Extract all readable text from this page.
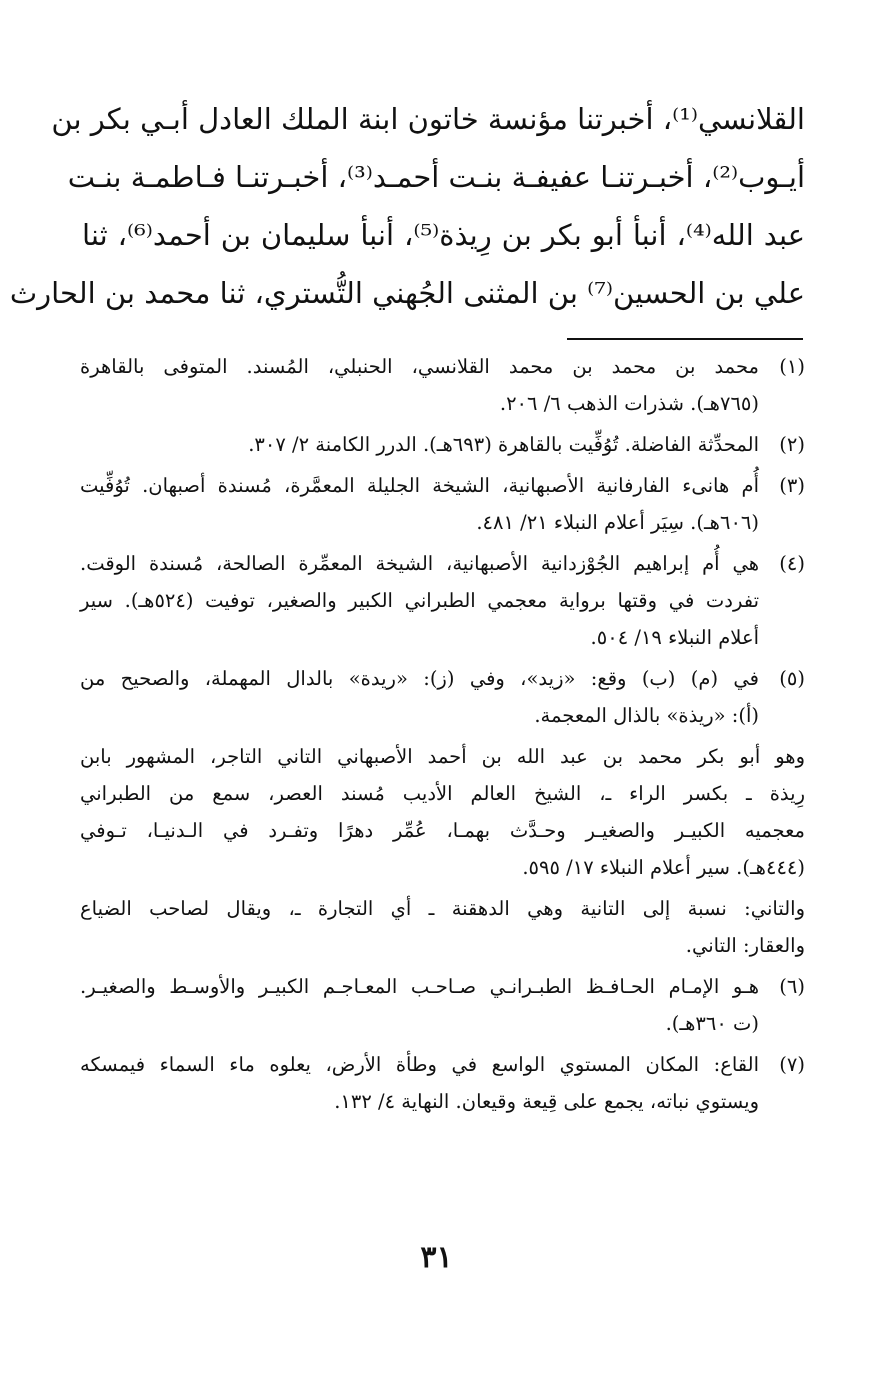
القلانسي⁽¹⁾، أخبرتنا مؤنسة خاتون ابنة الملك العادل أبـي بكر بن
أيـوب⁽²⁾، أخبـرتنـا عفيفـة بنـت أحمـد⁽³⁾، أخبـرتنـا فـاطمـة بنـت
عبد الله⁽⁴⁾، أنبأ أبو بكر بن رِيذة⁽⁵⁾، أنبأ سليمان بن أحمد⁽⁶⁾، ثنا
علي بن الحسين⁽⁷⁾ بن المثنى الجُهني التُّستري، ثنا محمد بن الحارث
(١)
محمد بن محمد بن محمد القلانسي، الحنبلي، المُسند. المتوفى بالقاهرة
(٧٦٥هـ). شذرات الذهب ٦/ ٢٠٦.
(٢)
المحدِّثة الفاضلة. تُوُفِّيت بالقاهرة (٦٩٣هـ). الدرر الكامنة ٢/ ٣٠٧.
(٣)
أُم هانىء الفارفانية الأصبهانية، الشيخة الجليلة المعمَّرة، مُسندة أصبهان. تُوُفِّيت
(٦٠٦هـ). سِيَر أعلام النبلاء ٢١/ ٤٨١.
(٤)
هي أُم إبراهيم الجُوْزدانية الأصبهانية، الشيخة المعمِّرة الصالحة، مُسندة الوقت.
تفردت في وقتها برواية معجمي الطبراني الكبير والصغير، توفيت (٥٢٤هـ). سير
أعلام النبلاء ١٩/ ٥٠٤.
(٥)
في (م) (ب) وقع: «زيد»، وفي (ز): «ريدة» بالدال المهملة، والصحيح من
(أ): «ريذة» بالذال المعجمة.
وهو أبو بكر محمد بن عبد الله بن أحمد الأصبهاني التاني التاجر، المشهور بابن
رِيذة ـ بكسر الراء ـ، الشيخ العالم الأديب مُسند العصر، سمع من الطبراني
معجميه الكبيـر والصغيـر وحـدَّث بهمـا، عُمِّر دهرًا وتفـرد في الـدنيـا، تـوفي
(٤٤٤هـ). سير أعلام النبلاء ١٧/ ٥٩٥.
والتاني: نسبة إلى التانية وهي الدهقنة ـ أي التجارة ـ، ويقال لصاحب الضياع
والعقار: التاني.
(٦)
هـو الإمـام الحـافـظ الطبـرانـي صـاحـب المعـاجـم الكبيـر والأوسـط والصغيـر.
(ت ٣٦٠هـ).
(٧)
القاع: المكان المستوي الواسع في وطأة الأرض، يعلوه ماء السماء فيمسكه
ويستوي نباته، يجمع على قِيعة وقيعان. النهاية ٤/ ١٣٢.
٣١
